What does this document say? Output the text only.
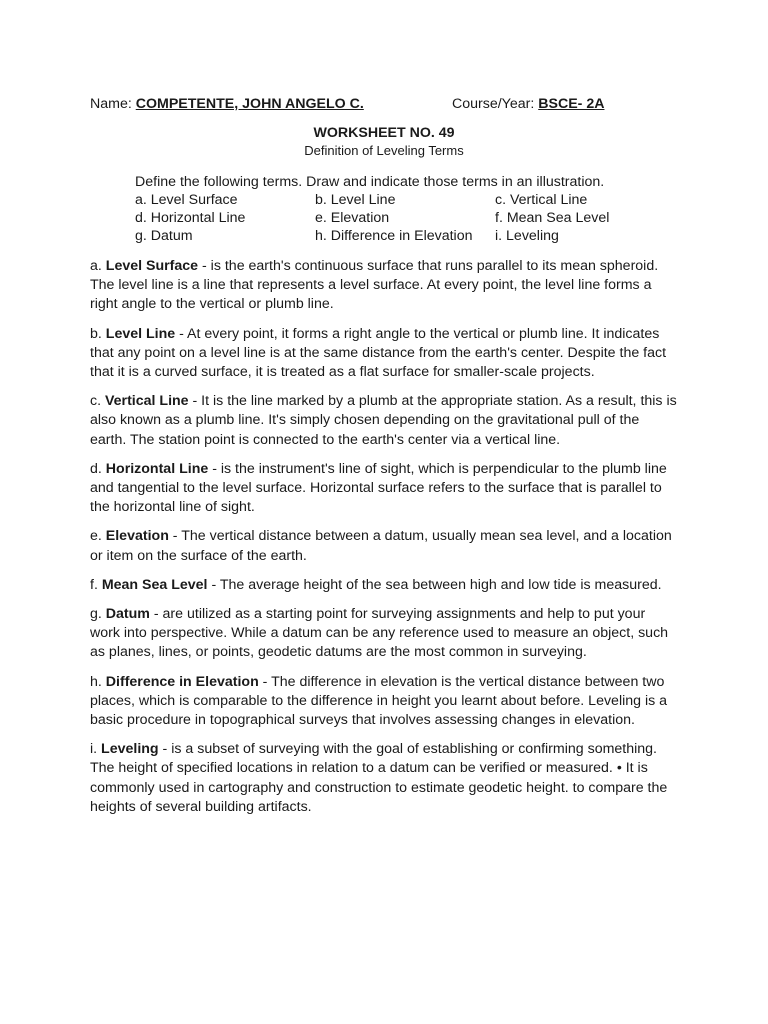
Name: COMPETENTE, JOHN ANGELO C.	Course/Year: BSCE- 2A
WORKSHEET NO. 49
Definition of Leveling Terms
Define the following terms. Draw and indicate those terms in an illustration.
a. Level Surface	b. Level Line	c. Vertical Line
d. Horizontal Line	e. Elevation	f. Mean Sea Level
g. Datum	h. Difference in Elevation	i. Leveling

a. Level Surface - is the earth's continuous surface that runs parallel to its mean spheroid. The level line is a line that represents a level surface. At every point, the level line forms a right angle to the vertical or plumb line.

b. Level Line - At every point, it forms a right angle to the vertical or plumb line. It indicates that any point on a level line is at the same distance from the earth's center. Despite the fact that it is a curved surface, it is treated as a flat surface for smaller-scale projects.

c. Vertical Line - It is the line marked by a plumb at the appropriate station. As a result, this is also known as a plumb line. It's simply chosen depending on the gravitational pull of the earth. The station point is connected to the earth's center via a vertical line.

d. Horizontal Line - is the instrument's line of sight, which is perpendicular to the plumb line and tangential to the level surface. Horizontal surface refers to the surface that is parallel to the horizontal line of sight.

e. Elevation - The vertical distance between a datum, usually mean sea level, and a location or item on the surface of the earth.

f. Mean Sea Level - The average height of the sea between high and low tide is measured.

g. Datum - are utilized as a starting point for surveying assignments and help to put your work into perspective. While a datum can be any reference used to measure an object, such as planes, lines, or points, geodetic datums are the most common in surveying.

h. Difference in Elevation - The difference in elevation is the vertical distance between two places, which is comparable to the difference in height you learnt about before. Leveling is a basic procedure in topographical surveys that involves assessing changes in elevation.

i. Leveling - is a subset of surveying with the goal of establishing or confirming something. The height of specified locations in relation to a datum can be verified or measured. • It is commonly used in cartography and construction to estimate geodetic height. to compare the heights of several building artifacts.
